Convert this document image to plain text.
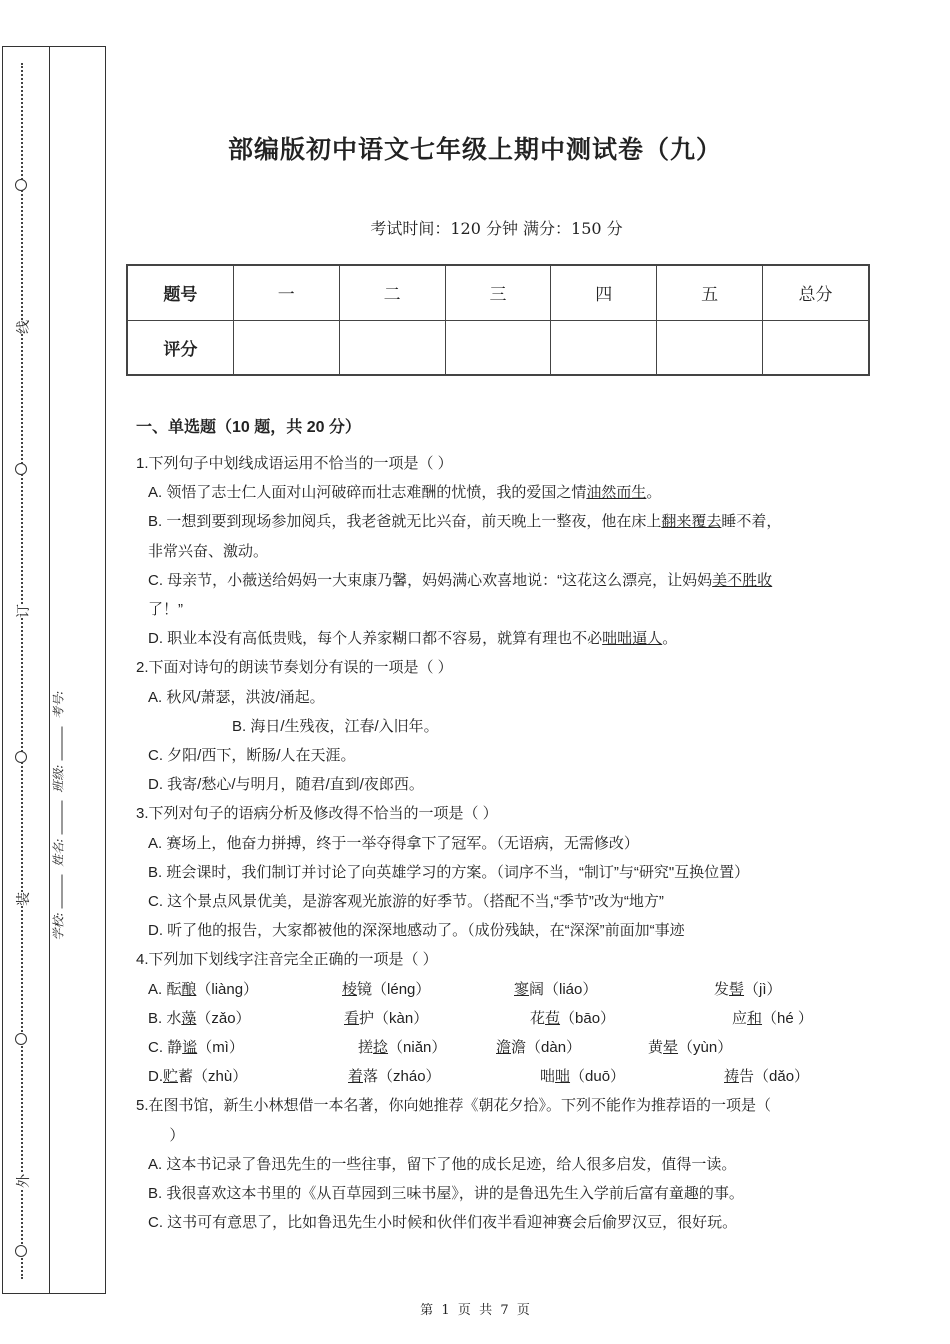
线
订
装
外
学校: 姓名: 班级: 考号:
部编版初中语文七年级上期中测试卷（九）
考试时间：120 分钟 满分：150 分
题号	一	二	三	四	五	总分
评分						
一、单选题（10 题，共 20 分）
1.下列句子中划线成语运用不恰当的一项是（ ）
A. 领悟了志士仁人面对山河破碎而壮志难酬的忧愤，我的爱国之情油然而生。
B. 一想到要到现场参加阅兵，我老爸就无比兴奋，前天晚上一整夜，他在床上翻来覆去睡不着，
非常兴奋、激动。
C. 母亲节，小薇送给妈妈一大束康乃馨，妈妈满心欢喜地说：“这花这么漂亮，让妈妈美不胜收
了！”
D. 职业本没有高低贵贱，每个人养家糊口都不容易，就算有理也不必咄咄逼人。
2.下面对诗句的朗读节奏划分有误的一项是（ ）
A. 秋风/萧瑟，洪波/涌起。
B. 海日/生残夜，江春/入旧年。
C. 夕阳/西下，断肠/人在天涯。
D. 我寄/愁心/与明月，随君/直到/夜郎西。
3.下列对句子的语病分析及修改得不恰当的一项是（ ）
A. 赛场上，他奋力拼搏，终于一举夺得拿下了冠军。（无语病，无需修改）
B. 班会课时，我们制订并讨论了向英雄学习的方案。（词序不当，“制订”与“研究"互换位置）
C. 这个景点风景优美，是游客观光旅游的好季节。（搭配不当,“季节”改为“地方”
D. 听了他的报告，大家都被他的深深地感动了。（成份残缺，在“深深”前面加“事迹
4.下列加下划线字注音完全正确的一项是（ ）
A. 酝酿（liàng）	棱镜（léng）	寥阔（liáo）	发髻（jì）
B. 水藻（zǎo）	看护（kàn）	花苞（bāo）	应和（hé ）
C. 静谧（mì）	搓捻（niǎn）	澹澹（dàn）	黄晕（yùn）
D.贮蓄（zhù）	着落（zháo）	咄咄（duō）	祷告（dǎo）
5.在图书馆，新生小林想借一本名著，你向她推荐《朝花夕拾》。下列不能作为推荐语的一项是（
）
A. 这本书记录了鲁迅先生的一些往事，留下了他的成长足迹，给人很多启发，值得一读。
B. 我很喜欢这本书里的《从百草园到三味书屋》，讲的是鲁迅先生入学前后富有童趣的事。
C. 这书可有意思了，比如鲁迅先生小时候和伙伴们夜半看迎神赛会后偷罗汉豆，很好玩。
第  1  页  共  7  页
